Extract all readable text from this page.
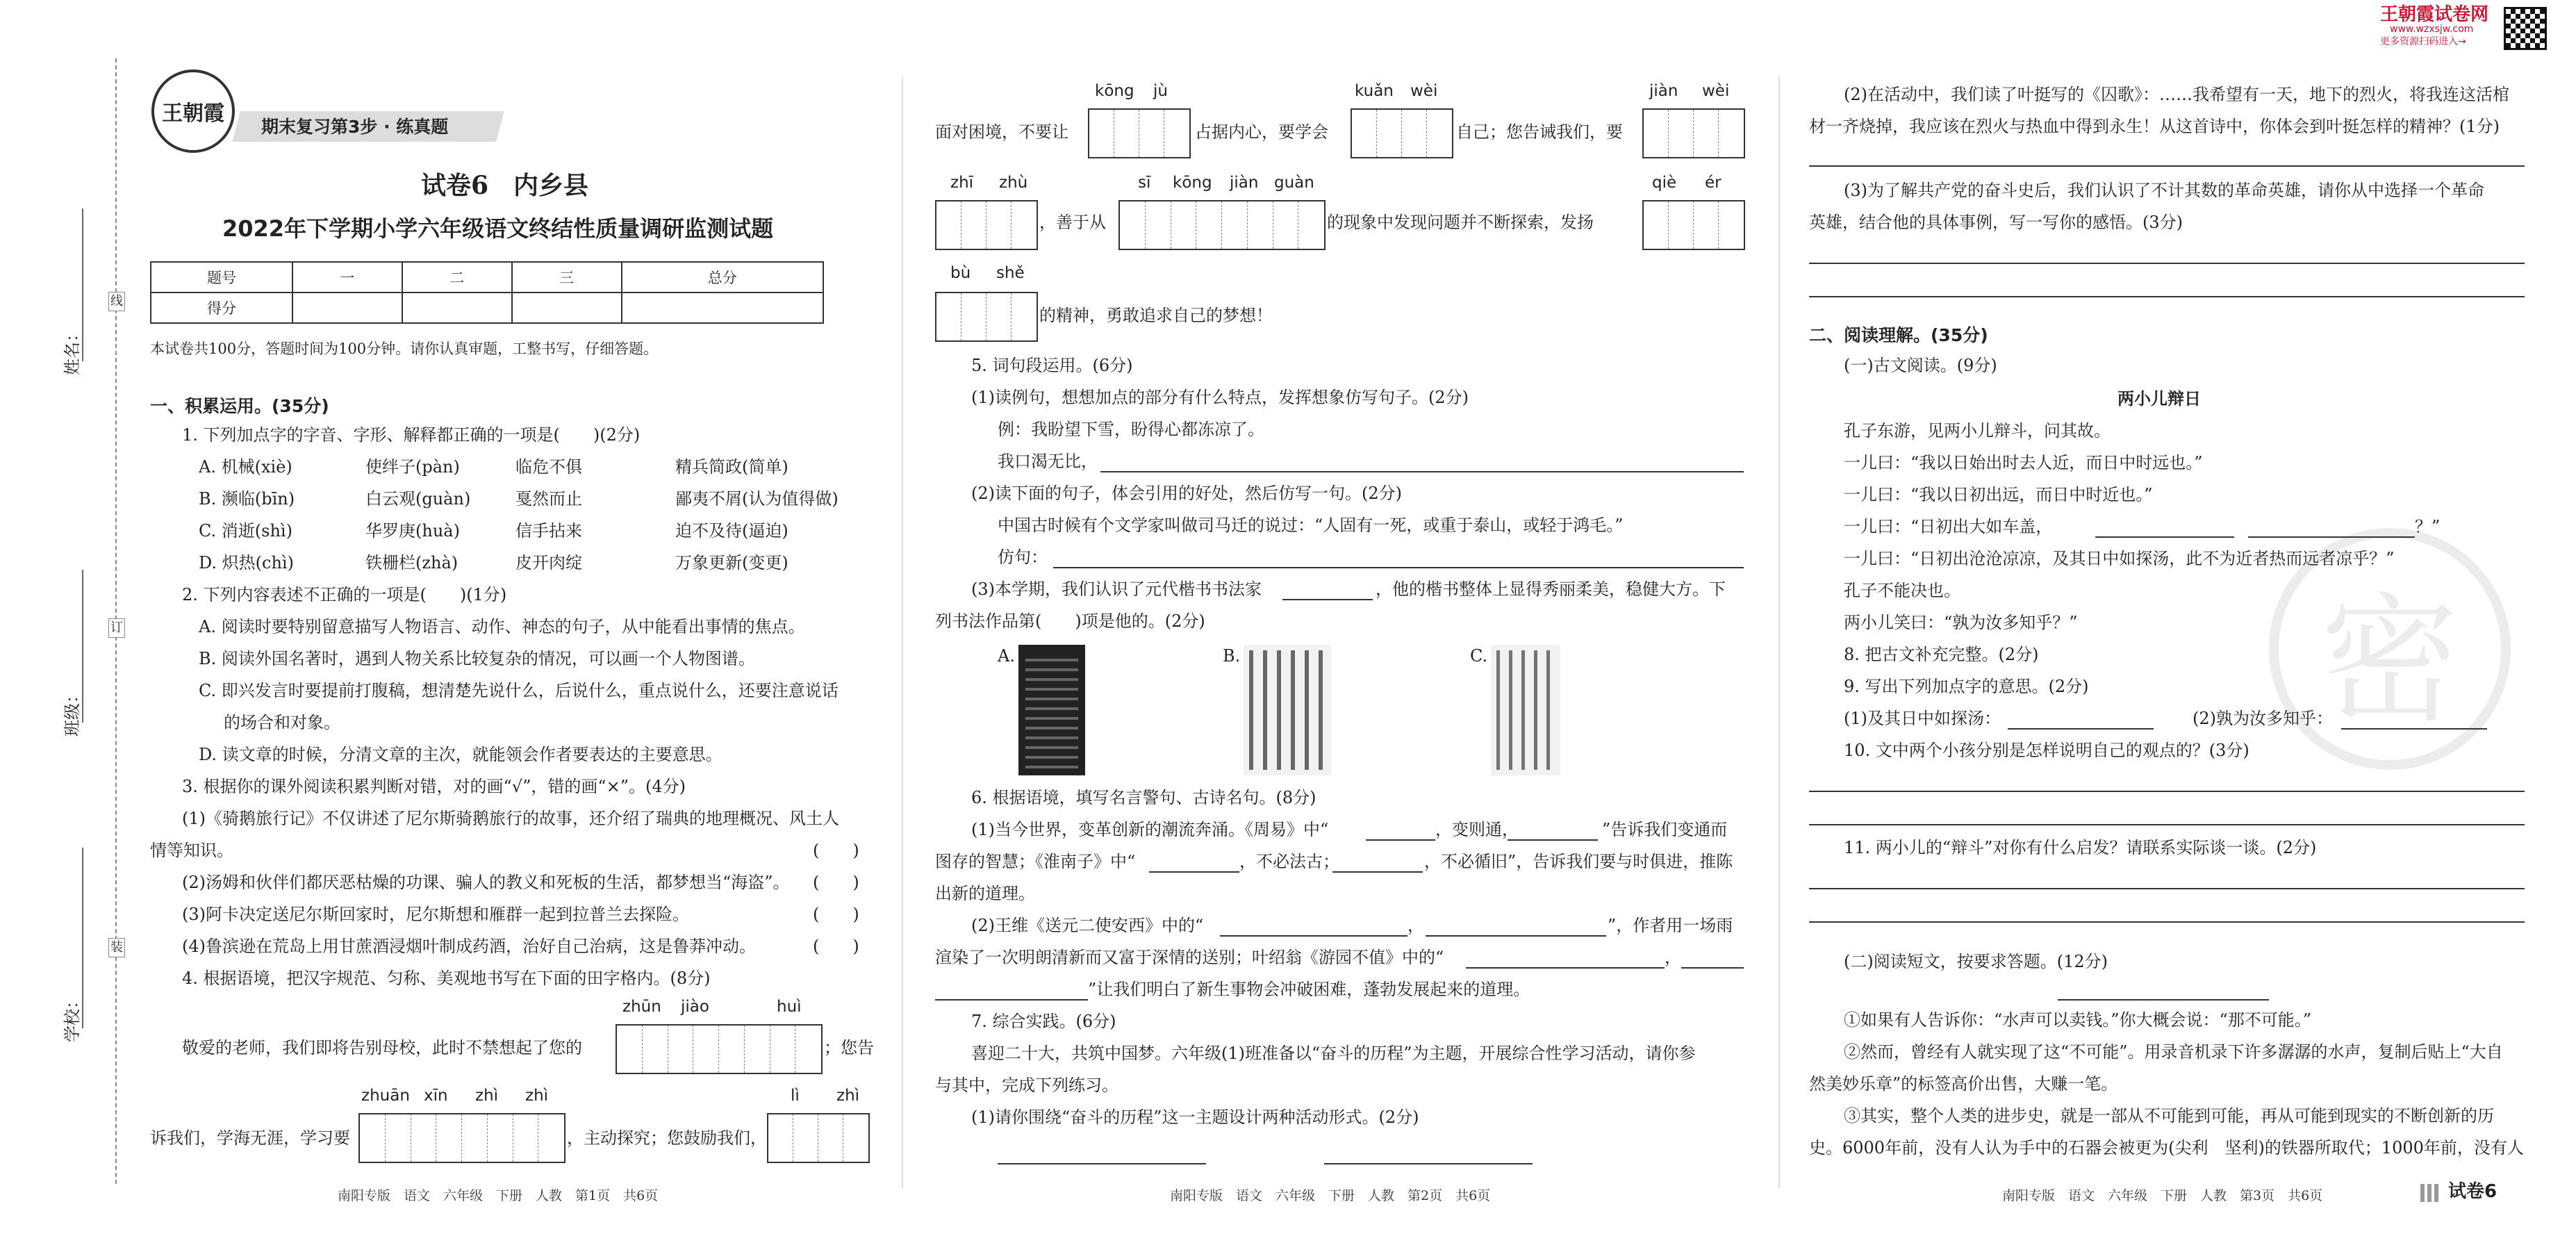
姓名：
班级：
学校：
线
订
装
王朝霞
期末复习第3步 · 练真题
试卷6　内乡县
2022年下学期小学六年级语文终结性质量调研监测试题
题号	一	二	三	总分
得分				
本试卷共100分，答题时间为100分钟。请你认真审题，工整书写，仔细答题。
一、积累运用。(35分)
1. 下列加点字的字音、字形、解释都正确的一项是(　　)(2分)
A. 机械(xiè)	使绊子(pàn)	临危不俱	精兵简政(简单)
B. 濒临(bīn)	白云观(guàn)	戛然而止	鄙夷不屑(认为值得做)
C. 消逝(shì)	华罗庚(huà)	信手拈来	迫不及待(逼迫)
D. 炽热(chì)	铁栅栏(zhà)	皮开肉绽	万象更新(变更)
2. 下列内容表述不正确的一项是(　　)(1分)
A. 阅读时要特别留意描写人物语言、动作、神态的句子，从中能看出事情的焦点。
B. 阅读外国名著时，遇到人物关系比较复杂的情况，可以画一个人物图谱。
C. 即兴发言时要提前打腹稿，想清楚先说什么，后说什么，重点说什么，还要注意说话
的场合和对象。
D. 读文章的时候，分清文章的主次，就能领会作者要表达的主要意思。
3. 根据你的课外阅读积累判断对错，对的画“√”，错的画“×”。(4分)
(1)《骑鹅旅行记》不仅讲述了尼尔斯骑鹅旅行的故事，还介绍了瑞典的地理概况、风土人
情等知识。	(　　)
(2)汤姆和伙伴们都厌恶枯燥的功课、骗人的教义和死板的生活，都梦想当“海盗”。 (　　)
(3)阿卡决定送尼尔斯回家时，尼尔斯想和雁群一起到拉普兰去探险。	(　　)
(4)鲁滨逊在荒岛上用甘蔗酒浸烟叶制成药酒，治好自己治病，这是鲁莽冲动。	(　　)
4. 根据语境，把汉字规范、匀称、美观地书写在下面的田字格内。(8分)
zhūn jiào	huì
敬爱的老师，我们即将告别母校，此时不禁想起了您的	；您告
zhuān xīn zhì zhì	lì zhì
诉我们，学海无涯，学习要	，主动探究；您鼓励我们，
南阳专版　语文　六年级　下册　人教　第1页　共6页
kōng jù	kuǎn wèi	jiàn wèi
面对困境，不要让	占据内心，要学会	自己；您告诫我们，要
zhī zhù	sī kōng jiàn guàn	qiè ér
，善于从	的现象中发现问题并不断探索，发扬
bù shě
的精神，勇敢追求自己的梦想！
5. 词句段运用。(6分)
(1)读例句，想想加点的部分有什么特点，发挥想象仿写句子。(2分)
例：我盼望下雪，盼得心都冻凉了。
我口渴无比，
(2)读下面的句子，体会引用的好处，然后仿写一句。(2分)
中国古时候有个文学家叫做司马迁的说过：“人固有一死，或重于泰山，或轻于鸿毛。”
仿句：
(3)本学期，我们认识了元代楷书书法家	，他的楷书整体上显得秀丽柔美，稳健大方。下
列书法作品第(　　)项是他的。(2分)
A.	B.	C.
6. 根据语境，填写名言警句、古诗名句。(8分)
(1)当今世界，变革创新的潮流奔涌。《周易》中“	，变则通，	”告诉我们变通而
图存的智慧；《淮南子》中“	，不必法古；	，不必循旧”，告诉我们要与时俱进，推陈
出新的道理。
(2)王维《送元二使安西》中的“	，	”，作者用一场雨
渲染了一次明朗清新而又富于深情的送别；叶绍翁《游园不值》中的“	，
”让我们明白了新生事物会冲破困难，蓬勃发展起来的道理。
7. 综合实践。(6分)
喜迎二十大，共筑中国梦。六年级(1)班准备以“奋斗的历程”为主题，开展综合性学习活动，请你参
与其中，完成下列练习。
(1)请你围绕“奋斗的历程”这一主题设计两种活动形式。(2分)
南阳专版　语文　六年级　下册　人教　第2页　共6页
王朝霞试卷网
www.wzxsjw.com
更多资源扫码进入→
密
(2)在活动中，我们读了叶挺写的《囚歌》：……我希望有一天，地下的烈火，将我连这活棺
材一齐烧掉，我应该在烈火与热血中得到永生！从这首诗中，你体会到叶挺怎样的精神？(1分)
(3)为了解共产党的奋斗史后，我们认识了不计其数的革命英雄，请你从中选择一个革命
英雄，结合他的具体事例，写一写你的感悟。(3分)
二、阅读理解。(35分)
(一)古文阅读。(9分)
两小儿辩日
孔子东游，见两小儿辩斗，问其故。
一儿曰：“我以日始出时去人近，而日中时远也。”
一儿曰：“我以日初出远，而日中时近也。”
一儿曰：“日初出大如车盖，	？”
一儿曰：“日初出沧沧凉凉，及其日中如探汤，此不为近者热而远者凉乎？”
孔子不能决也。
两小儿笑曰：“孰为汝多知乎？”
8. 把古文补充完整。(2分)
9. 写出下列加点字的意思。(2分)
(1)及其日中如探汤：	(2)孰为汝多知乎：
10. 文中两个小孩分别是怎样说明自己的观点的？(3分)
11. 两小儿的“辩斗”对你有什么启发？请联系实际谈一谈。(2分)
(二)阅读短文，按要求答题。(12分)
①如果有人告诉你：“水声可以卖钱。”你大概会说：“那不可能。”
②然而，曾经有人就实现了这“不可能”。用录音机录下许多潺潺的水声，复制后贴上“大自
然美妙乐章”的标签高价出售，大赚一笔。
③其实，整个人类的进步史，就是一部从不可能到可能，再从可能到现实的不断创新的历
史。6000年前，没有人认为手中的石器会被更为(尖利　坚利)的铁器所取代；1000年前，没有人
南阳专版　语文　六年级　下册　人教　第3页　共6页	试卷6
